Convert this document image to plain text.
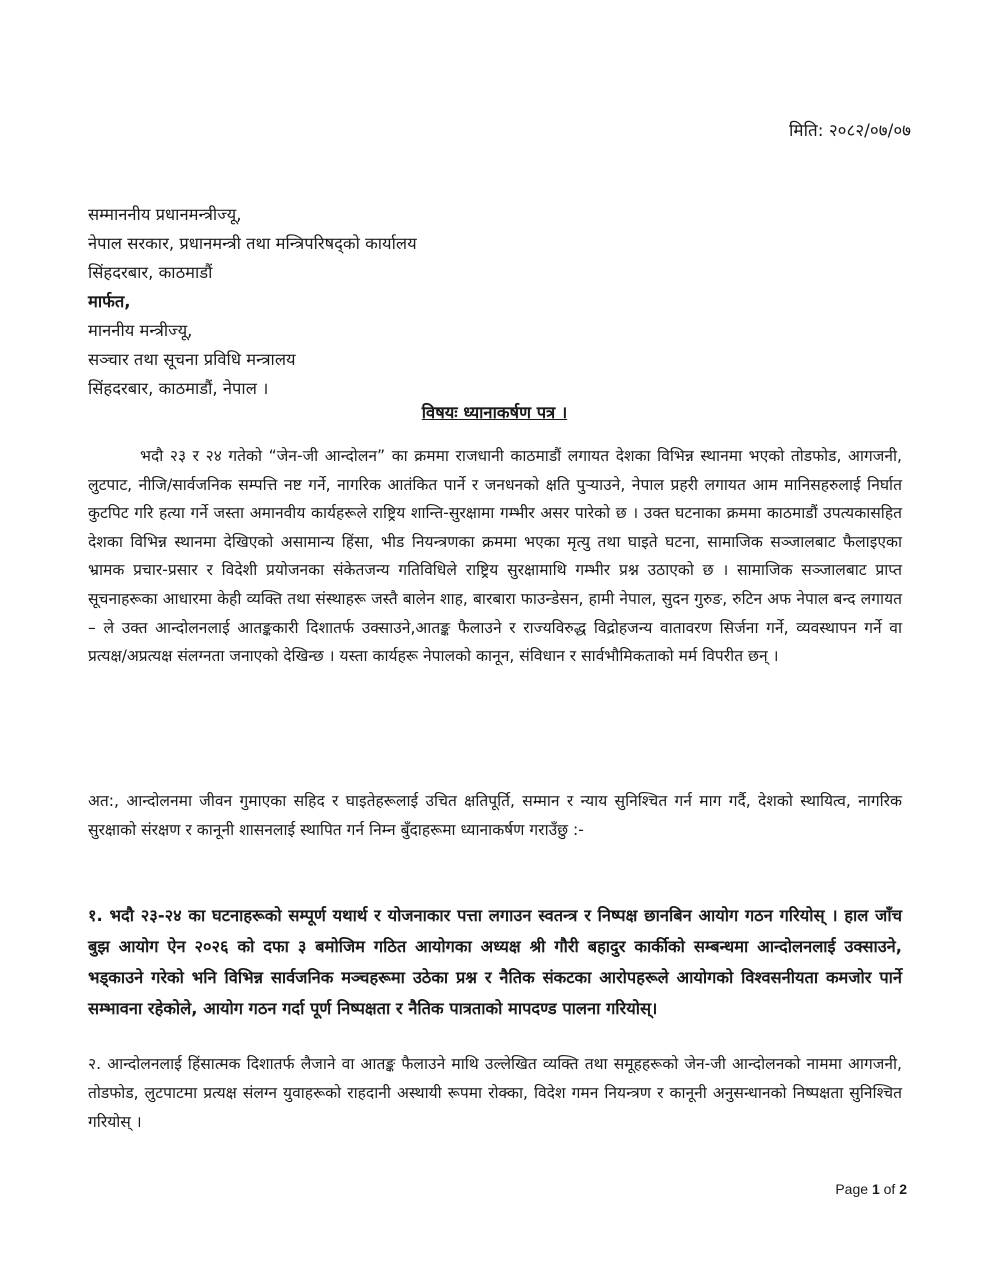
मिति: २०८२/०७/०७
सम्माननीय प्रधानमन्त्रीज्यू,
नेपाल सरकार, प्रधानमन्त्री तथा मन्त्रिपरिषद्को कार्यालय
सिंहदरबार, काठमाडौं
मार्फत,
माननीय मन्त्रीज्यू,
सञ्चार तथा सूचना प्रविधि मन्त्रालय
सिंहदरबार, काठमाडौं, नेपाल ।
विषयः ध्यानाकर्षण पत्र ।
भदौ २३ र २४ गतेको “जेन-जी आन्दोलन” का क्रममा राजधानी काठमाडौं लगायत देशका विभिन्न स्थानमा भएको तोडफोड, आगजनी, लुटपाट, नीजि/सार्वजनिक सम्पत्ति नष्ट गर्ने, नागरिक आतंकित पार्ने र जनधनको क्षति पुर्‍याउने, नेपाल प्रहरी लगायत आम मानिसहरुलाई निर्घात कुटपिट गरि हत्या गर्ने जस्ता अमानवीय कार्यहरूले राष्ट्रिय शान्ति-सुरक्षामा गम्भीर असर पारेको छ । उक्त घटनाका क्रममा काठमाडौं उपत्यकासहित देशका विभिन्न स्थानमा देखिएको असामान्य हिंसा, भीड नियन्त्रणका क्रममा भएका मृत्यु तथा घाइते घटना, सामाजिक सञ्जालबाट फैलाइएका भ्रामक प्रचार-प्रसार र विदेशी प्रयोजनका संकेतजन्य गतिविधिले राष्ट्रिय सुरक्षामाथि गम्भीर प्रश्न उठाएको छ । सामाजिक सञ्जालबाट प्राप्त सूचनाहरूका आधारमा केही व्यक्ति तथा संस्थाहरू जस्तै बालेन शाह, बारबारा फाउन्डेसन, हामी नेपाल, सुदन गुरुङ, रुटिन अफ नेपाल बन्द लगायत – ले उक्त आन्दोलनलाई आतङ्ककारी दिशातर्फ उक्साउने,आतङ्क फैलाउने र राज्यविरुद्ध विद्रोहजन्य वातावरण सिर्जना गर्ने, व्यवस्थापन गर्ने वा प्रत्यक्ष/अप्रत्यक्ष संलग्नता जनाएको देखिन्छ । यस्ता कार्यहरू नेपालको कानून, संविधान र सार्वभौमिकताको मर्म विपरीत छन् ।
अत:, आन्दोलनमा जीवन गुमाएका सहिद र घाइतेहरूलाई उचित क्षतिपूर्ति, सम्मान र न्याय सुनिश्चित गर्न माग गर्दै, देशको स्थायित्व, नागरिक सुरक्षाको संरक्षण र कानूनी शासनलाई स्थापित गर्न निम्न बुँदाहरूमा ध्यानाकर्षण गराउँछु :-
१. भदौ २३-२४ का घटनाहरूको सम्पूर्ण यथार्थ र योजनाकार पत्ता लगाउन स्वतन्त्र र निष्पक्ष छानबिन आयोग गठन गरियोस् । हाल जाँच बुझ आयोग ऐन २०२६ को दफा ३ बमोजिम गठित आयोगका अध्यक्ष श्री गौरी बहादुर कार्कीको सम्बन्धमा आन्दोलनलाई उक्साउने, भड्काउने गरेको भनि विभिन्न सार्वजनिक मञ्चहरूमा उठेका प्रश्न र नैतिक संकटका आरोपहरूले आयोगको विश्वसनीयता कमजोर पार्ने सम्भावना रहेकोले, आयोग गठन गर्दा पूर्ण निष्पक्षता र नैतिक पात्रताको मापदण्ड पालना गरियोस्।
२. आन्दोलनलाई हिंसात्मक दिशातर्फ लैजाने वा आतङ्क फैलाउने माथि उल्लेखित व्यक्ति तथा समूहहरूको जेन-जी आन्दोलनको नाममा आगजनी, तोडफोड, लुटपाटमा प्रत्यक्ष संलग्न युवाहरूको राहदानी अस्थायी रूपमा रोक्का, विदेश गमन नियन्त्रण र कानूनी अनुसन्धानको निष्पक्षता सुनिश्चित गरियोस् ।
Page 1 of 2
